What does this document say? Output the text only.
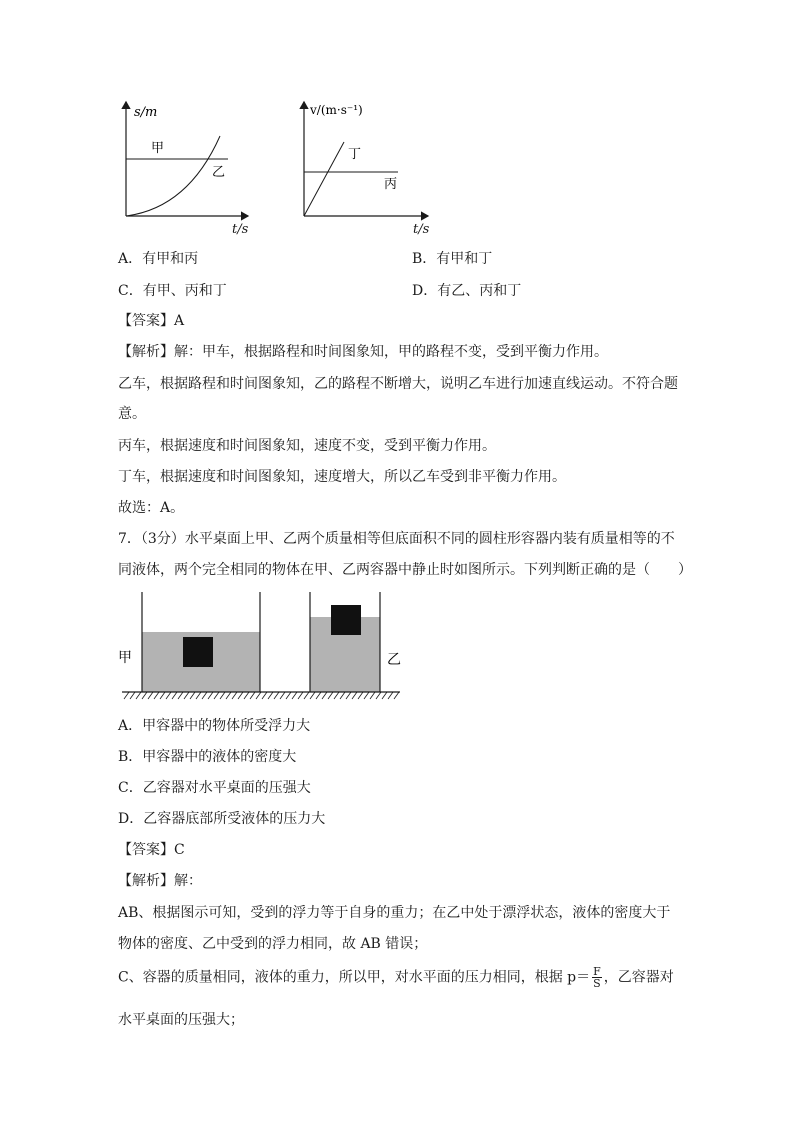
s/m
甲
乙
t/s
v/(m·s⁻¹)
丁
丙
t/s
A．有甲和丙	B．有甲和丁
C．有甲、丙和丁	D．有乙、丙和丁
【答案】A
【解析】解：甲车，根据路程和时间图象知，甲的路程不变，受到平衡力作用。
乙车，根据路程和时间图象知，乙的路程不断增大，说明乙车进行加速直线运动。不符合题
意。
丙车，根据速度和时间图象知，速度不变，受到平衡力作用。
丁车，根据速度和时间图象知，速度增大，所以乙车受到非平衡力作用。
故选：A。
7．（3分）水平桌面上甲、乙两个质量相等但底面积不同的圆柱形容器内装有质量相等的不
同液体，两个完全相同的物体在甲、乙两容器中静止时如图所示。下列判断正确的是（　　）
甲	乙
A．甲容器中的物体所受浮力大
B．甲容器中的液体的密度大
C．乙容器对水平桌面的压强大
D．乙容器底部所受液体的压力大
【答案】C
【解析】解：
AB、根据图示可知，受到的浮力等于自身的重力；在乙中处于漂浮状态，液体的密度大于
物体的密度、乙中受到的浮力相同，故 AB 错误；
C、容器的质量相同，液体的重力，所以甲，对水平面的压力相同，根据 $p= \frac{F}{S}$ ，乙容器对
水平桌面的压强大；
